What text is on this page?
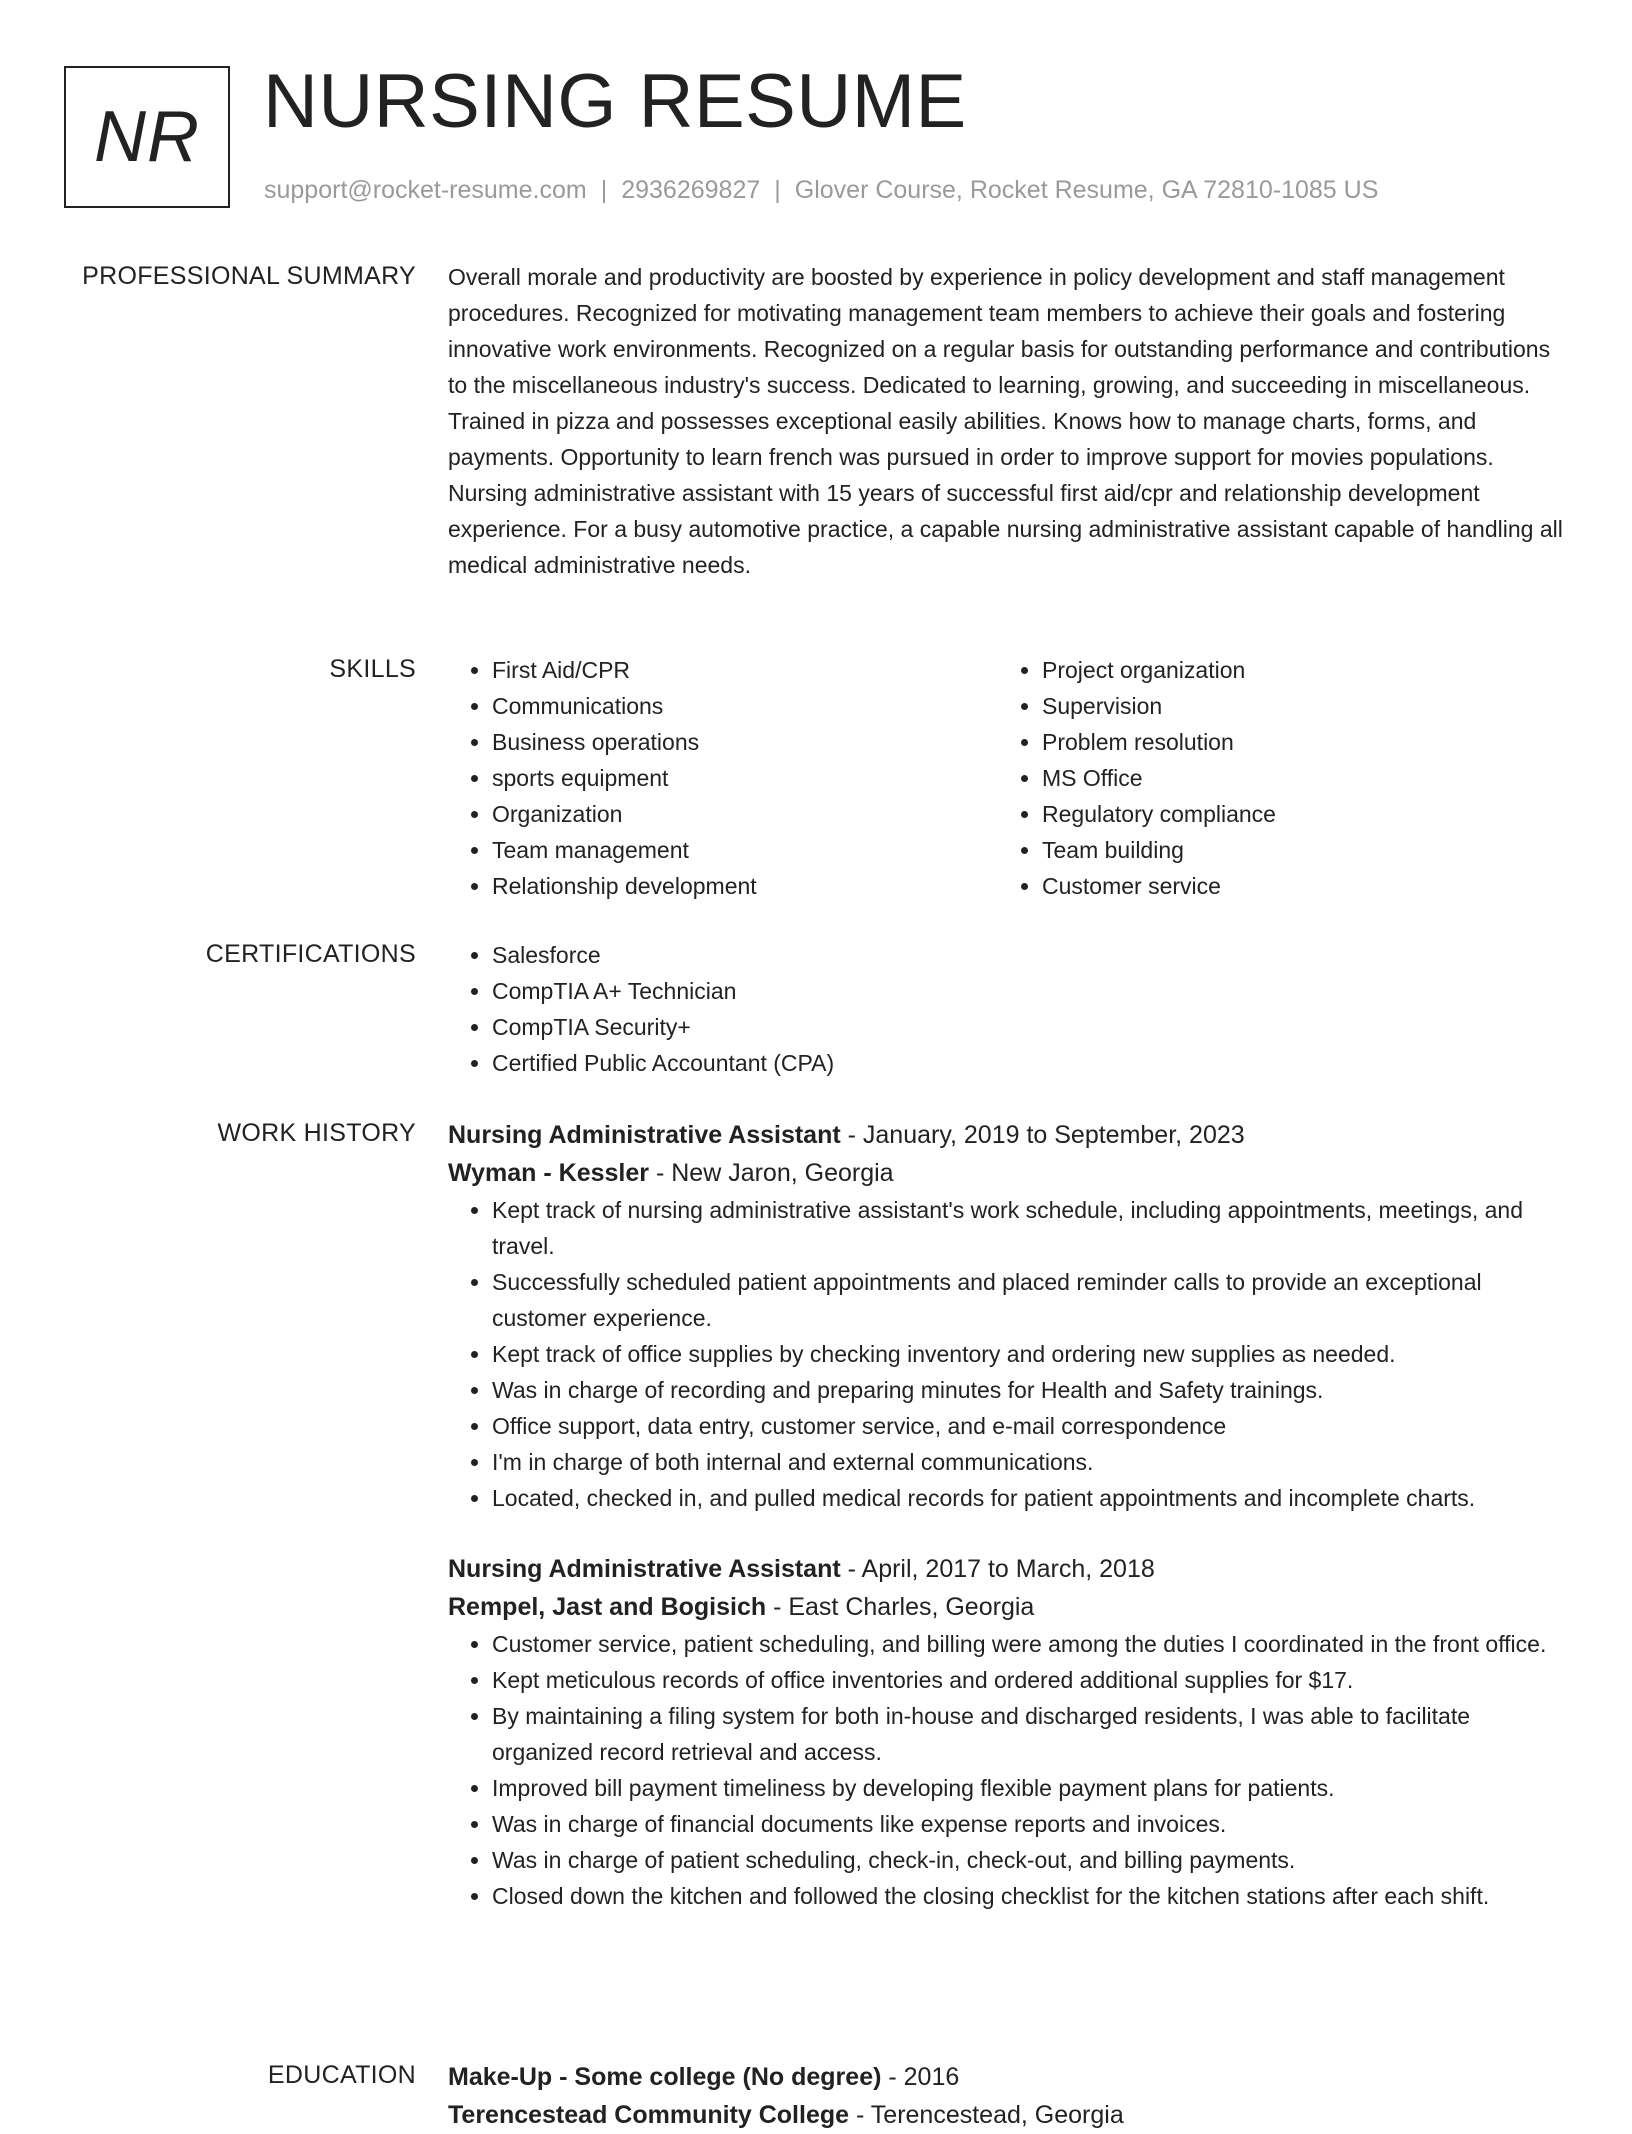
NR NURSING RESUME
support@rocket-resume.com | 2936269827 | Glover Course, Rocket Resume, GA 72810-1085 US
PROFESSIONAL SUMMARY Overall morale and productivity are boosted by experience in policy development and staff management procedures. Recognized for motivating management team members to achieve their goals and fostering innovative work environments. Recognized on a regular basis for outstanding performance and contributions to the miscellaneous industry's success. Dedicated to learning, growing, and succeeding in miscellaneous. Trained in pizza and possesses exceptional easily abilities. Knows how to manage charts, forms, and payments. Opportunity to learn french was pursued in order to improve support for movies populations. Nursing administrative assistant with 15 years of successful first aid/cpr and relationship development experience. For a busy automotive practice, a capable nursing administrative assistant capable of handling all medical administrative needs.

SKILLS	• First Aid/CPR
• Communications
• Business operations
• sports equipment
• Organization
• Team management
• Relationship development
• Project organization
• Supervision
• Problem resolution
• MS Office
• Regulatory compliance
• Team building
• Customer service
CERTIFICATIONS	• Salesforce
• CompTIA A+ Technician
• CompTIA Security+
• Certified Public Accountant (CPA)
WORK HISTORY Nursing Administrative Assistant - January, 2019 to September, 2023
Wyman - Kessler - New Jaron, Georgia
• Kept track of nursing administrative assistant's work schedule, including appointments, meetings, and travel.
• Successfully scheduled patient appointments and placed reminder calls to provide an exceptional customer experience.
• Kept track of office supplies by checking inventory and ordering new supplies as needed.
• Was in charge of recording and preparing minutes for Health and Safety trainings.
• Office support, data entry, customer service, and e-mail correspondence
• I'm in charge of both internal and external communications.
• Located, checked in, and pulled medical records for patient appointments and incomplete charts.
Nursing Administrative Assistant - April, 2017 to March, 2018
Rempel, Jast and Bogisich - East Charles, Georgia
• Customer service, patient scheduling, and billing were among the duties I coordinated in the front office.
• Kept meticulous records of office inventories and ordered additional supplies for $17.
• By maintaining a filing system for both in-house and discharged residents, I was able to facilitate organized record retrieval and access.
• Improved bill payment timeliness by developing flexible payment plans for patients.
• Was in charge of financial documents like expense reports and invoices.
• Was in charge of patient scheduling, check-in, check-out, and billing payments.
• Closed down the kitchen and followed the closing checklist for the kitchen stations after each shift.
EDUCATION Make-Up - Some college (No degree) - 2016
Terencestead Community College - Terencestead, Georgia
